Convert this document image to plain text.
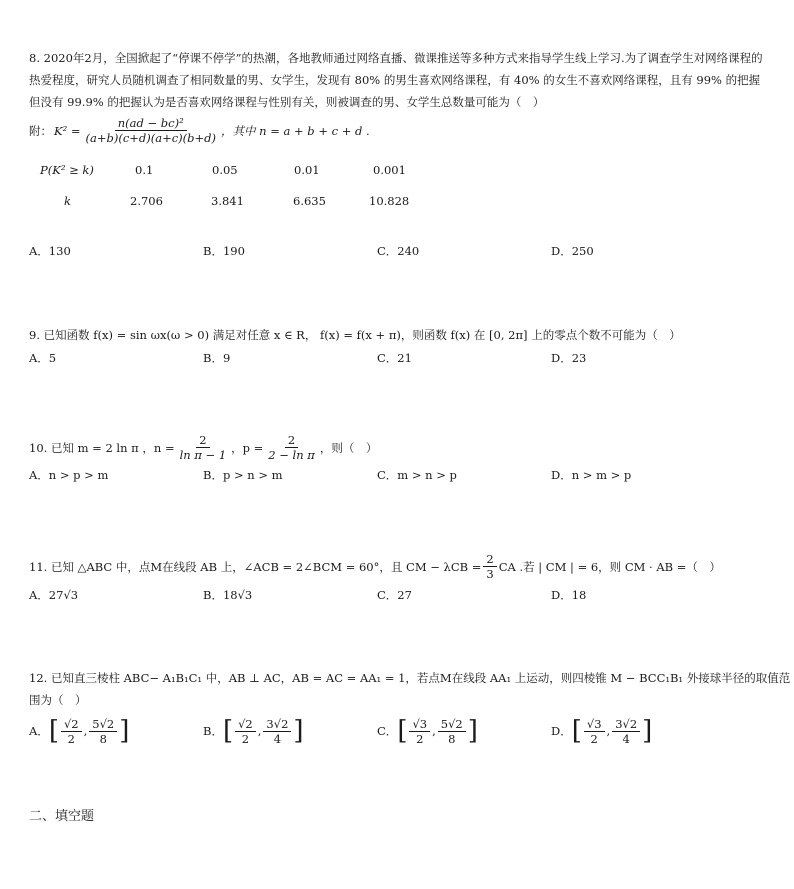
8. 2020年2月，全国掀起了“停课不停学”的热潮，各地教师通过网络直播、微课推送等多种方式来指导学生线上学习.为了调查学生对网络课程的
热爱程度，研究人员随机调查了相同数量的男、女学生，发现有 80% 的男生喜欢网络课程，有 40% 的女生不喜欢网络课程，且有 99% 的把握
但没有 99.9% 的把握认为是否喜欢网络课程与性别有关，则被调查的男、女学生总数量可能为（　）
附： $K^2 = \frac{\text{n(ad − bc)²}}{(a+b)(c+d)(a+c)(b+d)}$ ，其中 n = a + b + c + d .
P(K² ≥ k)	0.1	0.05	0.01	0.001
k	2.706	3.841	6.635	10.828
A．130	B．190	C．240	D．250
9. 已知函数 f(x) = sin ωx(ω > 0) 满足对任意 x ∈ R， f(x) = f(x + π)，则函数 f(x) 在 [0, 2π] 上的零点个数不可能为（　）
A．5	B．9	C．21	D．23
10. 已知 m = 2 ln π ，$n = \frac{2}{\text{ln π − 1}}$ ，$p = \frac{2}{\text{2 − ln π}}$ ，则（　）
A．n > p > m	B．p > n > m	C．m > n > p	D．n > m > p
11. 已知 △ABC 中，点M在线段 AB 上，∠ACB = 2∠BCM = 60°，且 CM − $\lambda CB = \frac{2}{3}$ CA .若 | CM | = 6，则 CM · AB =（　）
A．27√3	B．18√3	C．27	D．18
12. 已知直三棱柱 ABC− A₁B₁C₁ 中，AB ⊥ AC，AB = AC = AA₁ = 1，若点M在线段 AA₁ 上运动，则四棱锥 M − BCC₁B₁ 外接球半径的取值范
围为（　）
A． [ $\frac{√2}{2}$ , $\frac{5√2}{8}$ ]	B． [ $\frac{√2}{2}$ , $\frac{3√2}{4}$ ]	C． [ $\frac{√3}{2}$ , $\frac{5√2}{8}$ ]	D． [ $\frac{√3}{2}$ , $\frac{3√2}{4}$ ]
二、填空题
